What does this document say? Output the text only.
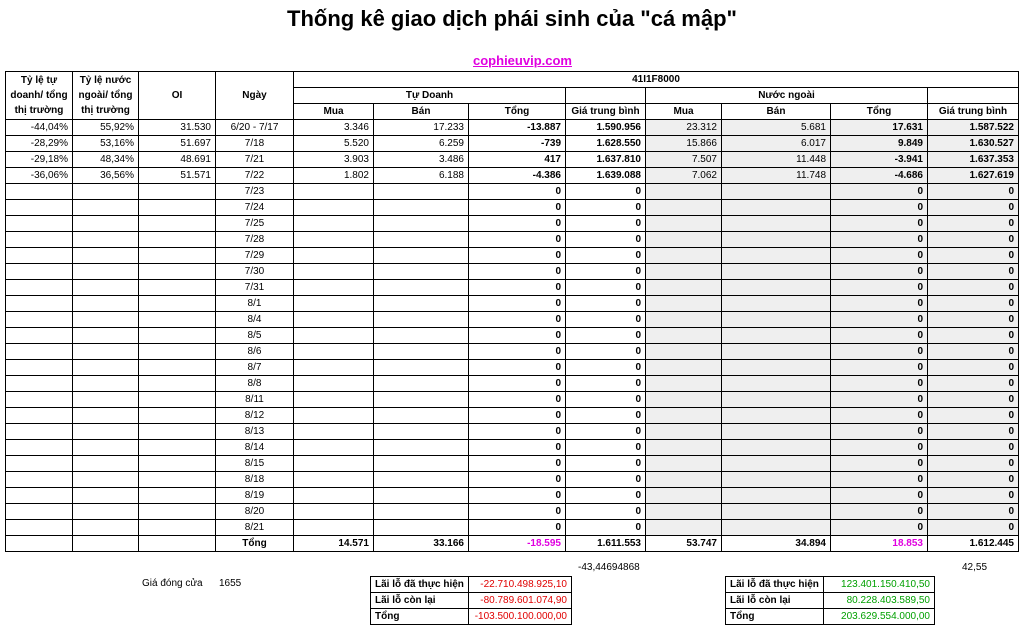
Thống kê giao dịch phái sinh của "cá mập"
cophieuvip.com
Tỷ lệ tự doanh/ tổng thị trường	Tỷ lệ nước ngoài/ tổng thị trường	OI	Ngày	41I1F8000							
				Tự Doanh				Nước ngoài			
				Mua	Bán	Tổng	Giá trung bình	Mua	Bán	Tổng	Giá trung bình
-44,04%	55,92%	31.530	6/20 - 7/17	3.346	17.233	-13.887	1.590.956	23.312	5.681	17.631	1.587.522
-28,29%	53,16%	51.697	7/18	5.520	6.259	-739	1.628.550	15.866	6.017	9.849	1.630.527
-29,18%	48,34%	48.691	7/21	3.903	3.486	417	1.637.810	7.507	11.448	-3.941	1.637.353
-36,06%	36,56%	51.571	7/22	1.802	6.188	-4.386	1.639.088	7.062	11.748	-4.686	1.627.619
			7/23			0	0			0	0
			7/24			0	0			0	0
			7/25			0	0			0	0
			7/28			0	0			0	0
			7/29			0	0			0	0
			7/30			0	0			0	0
			7/31			0	0			0	0
			8/1			0	0			0	0
			8/4			0	0			0	0
			8/5			0	0			0	0
			8/6			0	0			0	0
			8/7			0	0			0	0
			8/8			0	0			0	0
			8/11			0	0			0	0
			8/12			0	0			0	0
			8/13			0	0			0	0
			8/14			0	0			0	0
			8/15			0	0			0	0
			8/18			0	0			0	0
			8/19			0	0			0	0
			8/20			0	0			0	0
			8/21			0	0			0	0
			Tổng	14.571	33.166	-18.595	1.611.553	53.747	34.894	18.853	1.612.445
-43,44694868	42,55
Giá đóng cửa 1655	Lãi lỗ đã thực hiện	-22.710.498.925,10
Lãi lỗ còn lại	-80.789.601.074,90
Tổng	-103.500.100.000,00
Lãi lỗ đã thực hiện	123.401.150.410,50
Lãi lỗ còn lại	80.228.403.589,50
Tổng	203.629.554.000,00
